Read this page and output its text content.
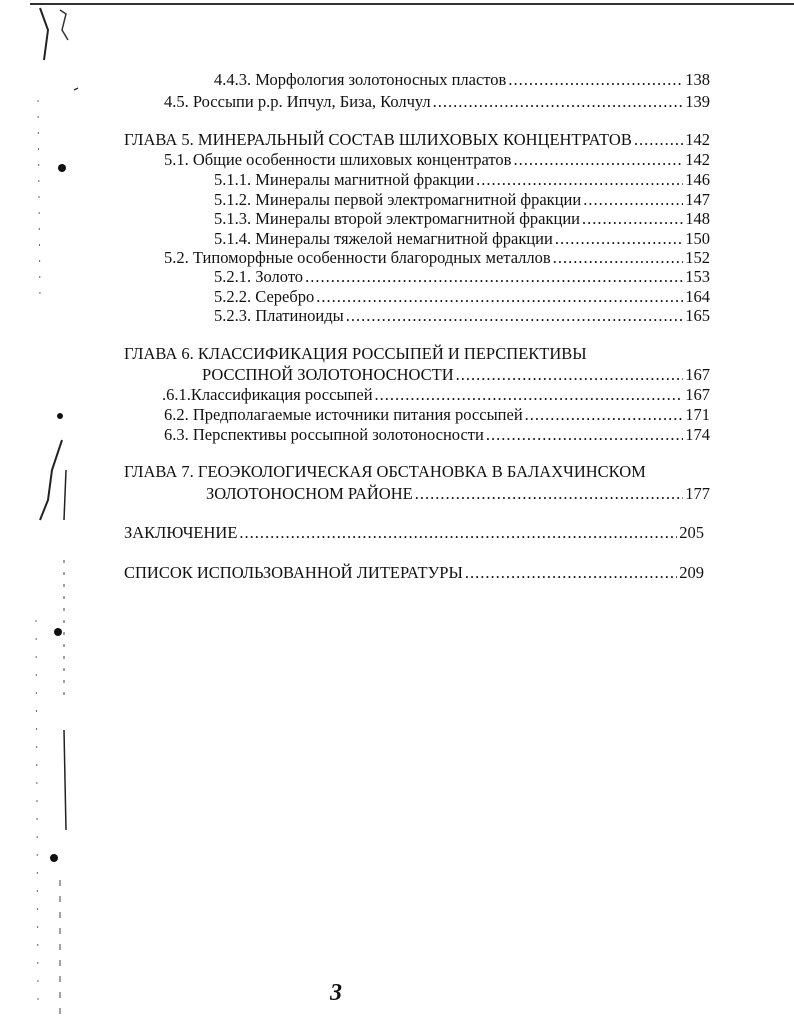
4.4.3. Морфология золотоносных пластов .....	138
4.5. Россыпи р.р. Ипчул, Биза, Колчул .....	139
ГЛАВА 5. МИНЕРАЛЬНЫЙ СОСТАВ ШЛИХОВЫХ КОНЦЕНТРАТОВ .....	142
5.1. Общие особенности шлиховых концентратов .....	142
5.1.1. Минералы магнитной фракции .....	146
5.1.2. Минералы первой электромагнитной фракции .....	147
5.1.3. Минералы второй электромагнитной фракции .....	148
5.1.4. Минералы тяжелой немагнитной фракции .....	150
5.2. Типоморфные особенности благородных металлов .....	152
5.2.1. Золото .....	153
5.2.2. Серебро .....	164
5.2.3. Платиноиды .....	165
ГЛАВА 6. КЛАССИФИКАЦИЯ РОССЫПЕЙ И ПЕРСПЕКТИВЫ
РОССПНОЙ ЗОЛОТОНОСНОСТИ .....	167
.6.1.Классификация россыпей .....	167
6.2. Предполагаемые источники питания россыпей .....	171
6.3. Перспективы россыпной золотоносности .....	174
ГЛАВА 7. ГЕОЭКОЛОГИЧЕСКАЯ ОБСТАНОВКА В БАЛАХЧИНСКОМ
ЗОЛОТОНОСНОМ РАЙОНЕ .....	177
ЗАКЛЮЧЕНИЕ .....	205
СПИСОК ИСПОЛЬЗОВАННОЙ ЛИТЕРАТУРЫ .....	209
3
